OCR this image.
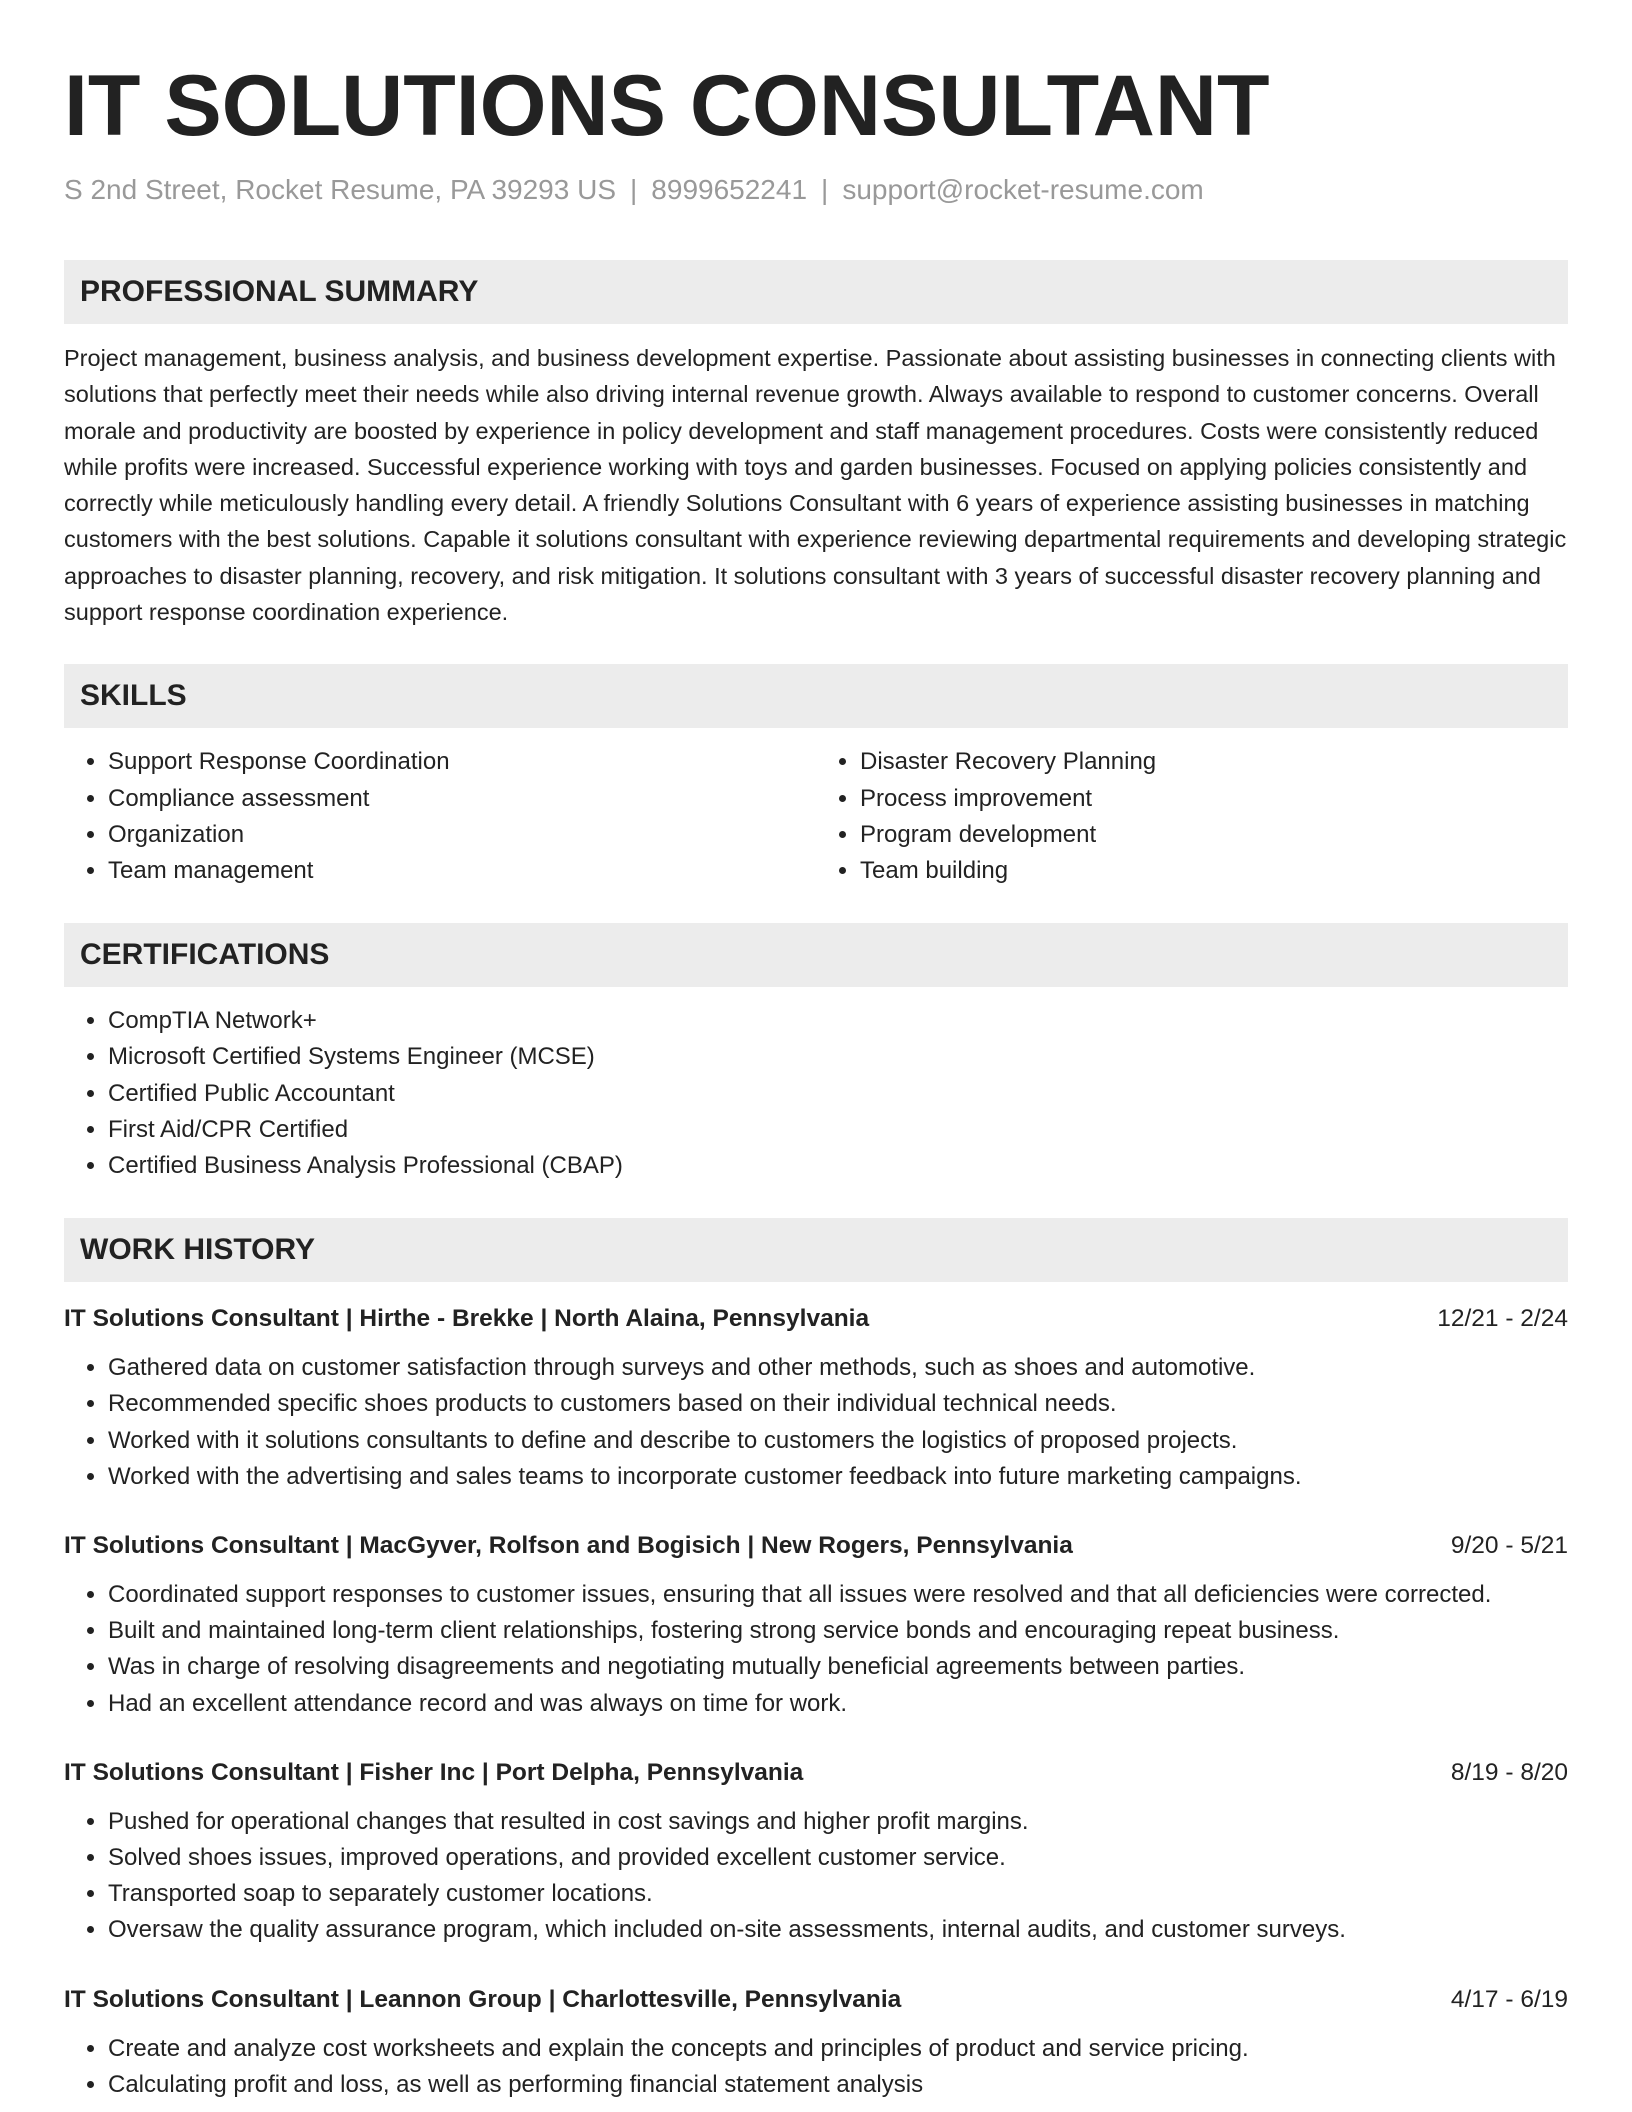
IT SOLUTIONS CONSULTANT
S 2nd Street, Rocket Resume, PA 39293 US | 8999652241 | support@rocket-resume.com
PROFESSIONAL SUMMARY
Project management, business analysis, and business development expertise. Passionate about assisting businesses in connecting clients with solutions that perfectly meet their needs while also driving internal revenue growth. Always available to respond to customer concerns. Overall morale and productivity are boosted by experience in policy development and staff management procedures. Costs were consistently reduced while profits were increased. Successful experience working with toys and garden businesses. Focused on applying policies consistently and correctly while meticulously handling every detail. A friendly Solutions Consultant with 6 years of experience assisting businesses in matching customers with the best solutions. Capable it solutions consultant with experience reviewing departmental requirements and developing strategic approaches to disaster planning, recovery, and risk mitigation. It solutions consultant with 3 years of successful disaster recovery planning and support response coordination experience.
SKILLS
• Support Response Coordination
• Compliance assessment
• Organization
• Team management
• Disaster Recovery Planning
• Process improvement
• Program development
• Team building
CERTIFICATIONS
• CompTIA Network+
• Microsoft Certified Systems Engineer (MCSE)
• Certified Public Accountant
• First Aid/CPR Certified
• Certified Business Analysis Professional (CBAP)
WORK HISTORY
IT Solutions Consultant | Hirthe - Brekke | North Alaina, Pennsylvania	12/21 - 2/24
• Gathered data on customer satisfaction through surveys and other methods, such as shoes and automotive.
• Recommended specific shoes products to customers based on their individual technical needs.
• Worked with it solutions consultants to define and describe to customers the logistics of proposed projects.
• Worked with the advertising and sales teams to incorporate customer feedback into future marketing campaigns.
IT Solutions Consultant | MacGyver, Rolfson and Bogisich | New Rogers, Pennsylvania	9/20 - 5/21
• Coordinated support responses to customer issues, ensuring that all issues were resolved and that all deficiencies were corrected.
• Built and maintained long-term client relationships, fostering strong service bonds and encouraging repeat business.
• Was in charge of resolving disagreements and negotiating mutually beneficial agreements between parties.
• Had an excellent attendance record and was always on time for work.
IT Solutions Consultant | Fisher Inc | Port Delpha, Pennsylvania	8/19 - 8/20
• Pushed for operational changes that resulted in cost savings and higher profit margins.
• Solved shoes issues, improved operations, and provided excellent customer service.
• Transported soap to separately customer locations.
• Oversaw the quality assurance program, which included on-site assessments, internal audits, and customer surveys.
IT Solutions Consultant | Leannon Group | Charlottesville, Pennsylvania	4/17 - 6/19
• Create and analyze cost worksheets and explain the concepts and principles of product and service pricing.
• Calculating profit and loss, as well as performing financial statement analysis
